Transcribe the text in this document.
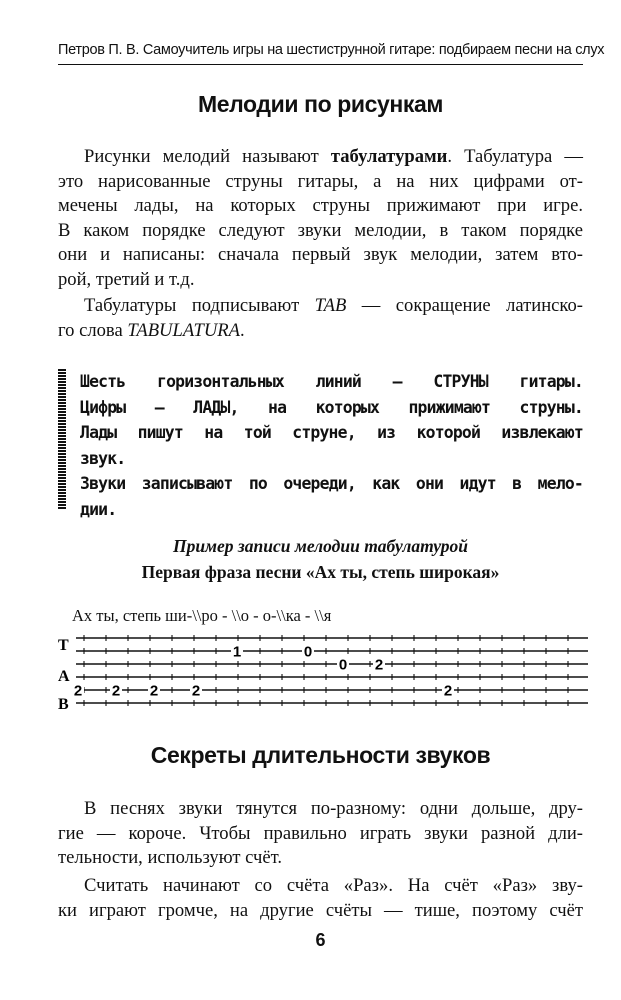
Петров П. В. Самоучитель игры на шестиструнной гитаре: подбираем песни на слух
Мелодии по рисункам
Рисунки мелодий называют табулатурами. Табулатура —
это нарисованные струны гитары, а на них цифрами от-
мечены лады, на которых струны прижимают при игре.
В каком порядке следуют звуки мелодии, в таком порядке
они и написаны: сначала первый звук мелодии, затем вто-
рой, третий и т.д.
Табулатуры подписывают TAB — сокращение латинско-
го слова TABULATURA.
Шесть горизонтальных линий — СТРУНЫ гитары.
Цифры — ЛАДЫ, на которых прижимают струны.
Лады пишут на той струне, из которой извлекают
звук.
Звуки записывают по очереди, как они идут в мело-
дии.
Пример записи мелодии табулатурой
Первая фраза песни «Ах ты, степь широкая»
Ах ты, степь ши-\\ро - \\о - о-\\ка - \\я
T
A
B
2 2 2 2
1	0
0 2
2
Секреты длительности звуков
В песнях звуки тянутся по-разному: одни дольше, дру-
гие — короче. Чтобы правильно играть звуки разной дли-
тельности, используют счёт.
Считать начинают со счёта «Раз». На счёт «Раз» зву-
ки играют громче, на другие счёты — тише, поэтому счёт
6
